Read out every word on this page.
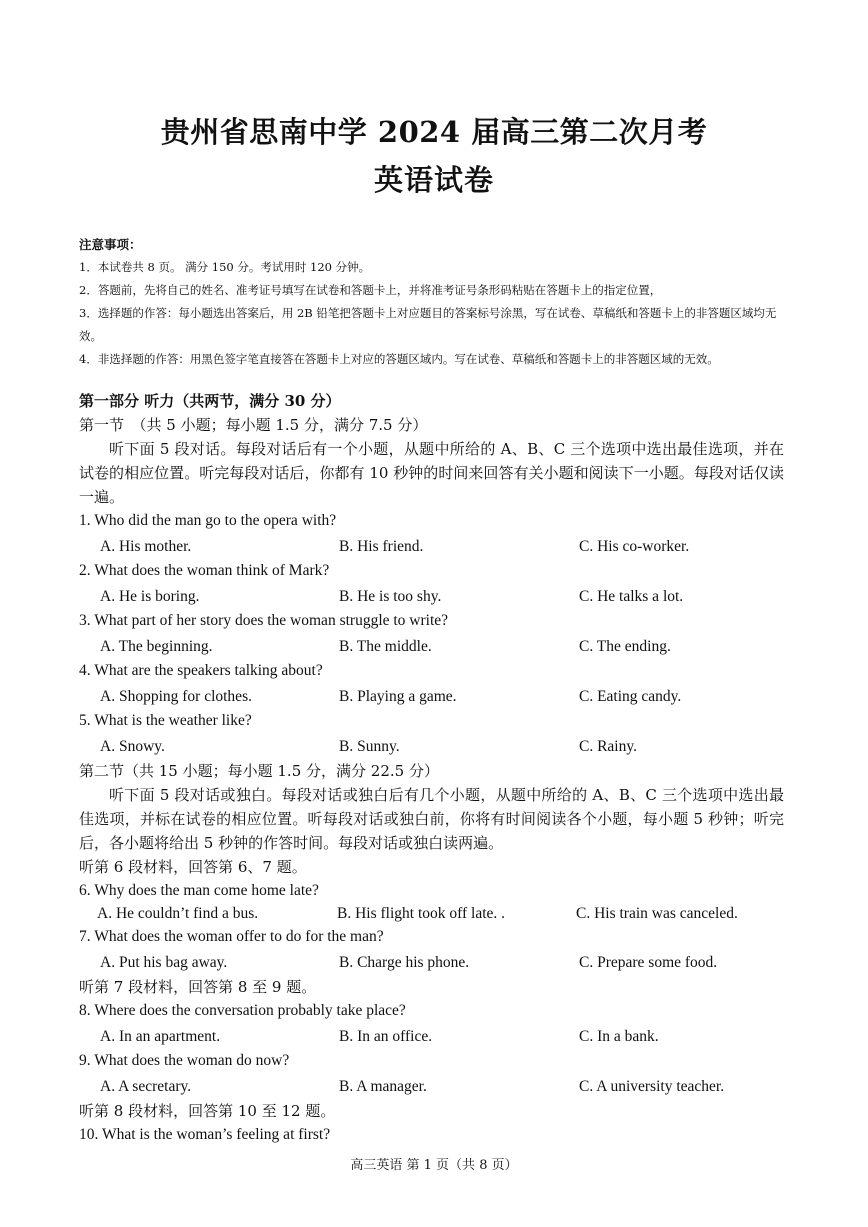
贵州省思南中学 2024 届高三第二次月考
英语试卷
注意事项：
1．本试卷共 8 页。 满分 150 分。考试用时 120 分钟。
2．答题前，先将自己的姓名、准考证号填写在试卷和答题卡上，并将准考证号条形码粘贴在答题卡上的指定位置，
3．选择题的作答：每小题选出答案后，用 2B 铅笔把答题卡上对应题目的答案标号涂黑，写在试卷、草稿纸和答题卡上的非答题区域均无效。
4．非选择题的作答：用黑色签字笔直接答在答题卡上对应的答题区域内。写在试卷、草稿纸和答题卡上的非答题区域的无效。
第一部分 听力（共两节，满分 30 分）
第一节　（共 5 小题；每小题 1.5 分，满分 7.5 分）
听下面 5 段对话。每段对话后有一个小题，从题中所给的 A、B、C 三个选项中选出最佳选项，并在试卷的相应位置。听完每段对话后，你都有 10 秒钟的时间来回答有关小题和阅读下一小题。每段对话仅读一遍。
1. Who did the man go to the opera with?
A. His mother.	B. His friend.	C. His co-worker.
2. What does the woman think of Mark?
A. He is boring.	B. He is too shy.	C. He talks a lot.
3. What part of her story does the woman struggle to write?
A. The beginning.	B. The middle.	C. The ending.
4. What are the speakers talking about?
A. Shopping for clothes.	B. Playing a game.	C. Eating candy.
5. What is the weather like?
A. Snowy.	B. Sunny.	C. Rainy.
第二节（共 15 小题；每小题 1.5 分，满分 22.5 分）
听下面 5 段对话或独白。每段对话或独白后有几个小题，从题中所给的 A、B、C 三个选项中选出最佳选项，并标在试卷的相应位置。听每段对话或独白前，你将有时间阅读各个小题，每小题 5 秒钟；听完后，各小题将给出 5 秒钟的作答时间。每段对话或独白读两遍。
听第 6 段材料，回答第 6、7 题。
6. Why does the man come home late?
A. He couldn’t find a bus.	B. His flight took off late. .	C. His train was canceled.
7. What does the woman offer to do for the man?
A. Put his bag away.	B. Charge his phone.	C. Prepare some food.
听第 7 段材料，回答第 8 至 9 题。
8. Where does the conversation probably take place?
A. In an apartment.	B. In an office.	C. In a bank.
9. What does the woman do now?
A. A secretary.	B. A manager.	C. A university teacher.
听第 8 段材料，回答第 10 至 12 题。
10. What is the woman’s feeling at first?
高三英语 第 1 页（共 8 页）
